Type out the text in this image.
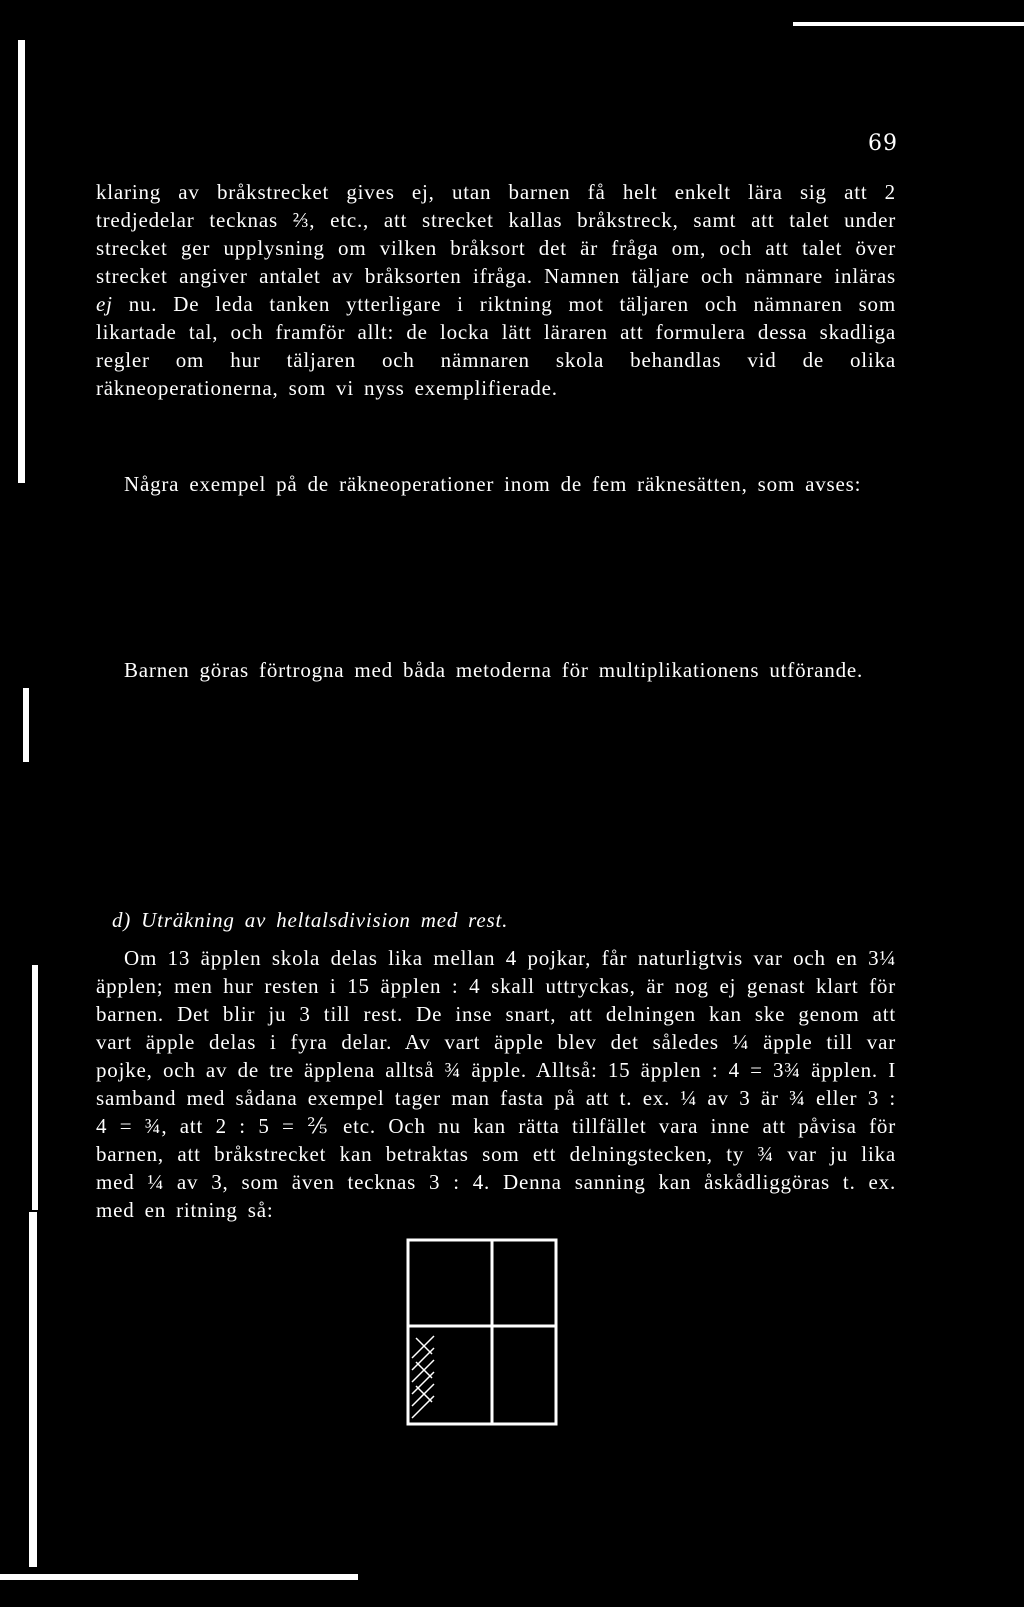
69

klaring av bråkstrecket gives ej, utan barnen få helt enkelt lära sig att 2 tredjedelar tecknas ⅔, etc., att strecket kallas bråkstreck, samt att talet under strecket ger upplysning om vilken bråksort det är fråga om, och att talet över strecket angiver antalet av bråksorten ifråga. Namnen täljare och nämnare inläras ej nu. De leda tanken ytterligare i riktning mot täljaren och nämnaren som likartade tal, och framför allt: de locka lätt läraren att formulera dessa skadliga regler om hur täljaren och nämnaren skola behandlas vid de olika räkneoperationerna, som vi nyss exemplifierade.

Några exempel på de räkneoperationer inom de fem räknesätten, som avses:

Barnen göras förtrogna med båda metoderna för multiplikationens utförande.

d) Uträkning av heltalsdivision med rest.

Om 13 äpplen skola delas lika mellan 4 pojkar, får naturligtvis var och en 3¼ äpplen; men hur resten i 15 äpplen : 4 skall uttryckas, är nog ej genast klart för barnen. Det blir ju 3 till rest. De inse snart, att delningen kan ske genom att vart äpple delas i fyra delar. Av vart äpple blev det således ¼ äpple till var pojke, och av de tre äpplena alltså ¾ äpple. Alltså: 15 äpplen : 4 = 3¾ äpplen. I samband med sådana exempel tager man fasta på att t. ex. ¼ av 3 är ¾ eller 3 : 4 = ¾, att 2 : 5 = ⅖ etc. Och nu kan rätta tillfället vara inne att påvisa för barnen, att bråkstrecket kan betraktas som ett delningstecken, ty ¾ var ju lika med ¼ av 3, som även tecknas 3 : 4. Denna sanning kan åskådliggöras t. ex. med en ritning så:
